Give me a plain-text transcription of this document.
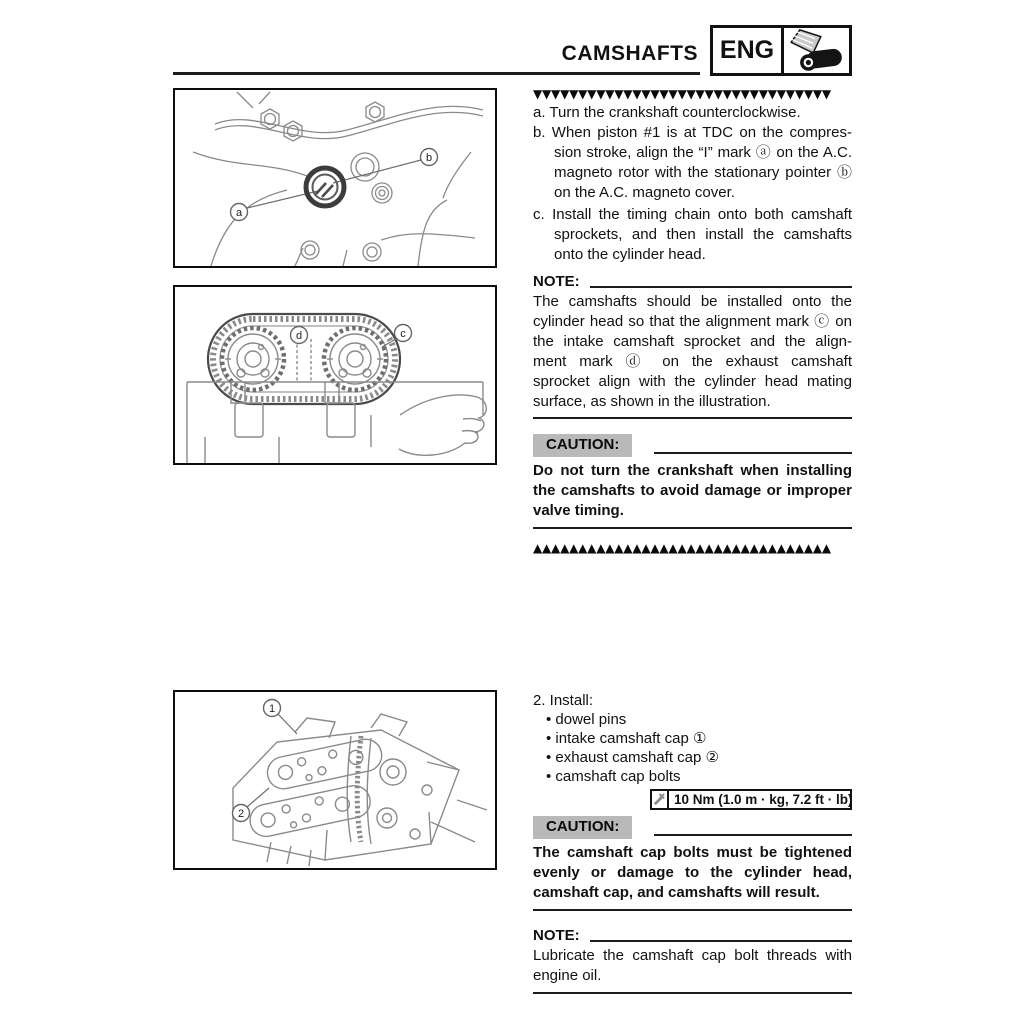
CAMSHAFTS ENG
a
b
d	c
1
2
▼▼▼▼▼▼▼▼▼▼▼▼▼▼▼▼▼▼▼▼▼▼▼▼▼▼▼▼▼▼▼▼▼
a. Turn the crankshaft counterclockwise.
b. When piston #1 is at TDC on the compres-
sion stroke, align the “I” mark ⓐ on the A.C.
magneto rotor with the stationary pointer ⓑ
on the A.C. magneto cover.
c. Install the timing chain onto both camshaft
sprockets, and then install the camshafts
onto the cylinder head.
NOTE:
The camshafts should be installed onto the
cylinder head so that the alignment mark ⓒ on
the intake camshaft sprocket and the align-
ment mark ⓓ on the exhaust camshaft
sprocket align with the cylinder head mating
surface, as shown in the illustration.
CAUTION:
Do not turn the crankshaft when installing
the camshafts to avoid damage or improper
valve timing.
▲▲▲▲▲▲▲▲▲▲▲▲▲▲▲▲▲▲▲▲▲▲▲▲▲▲▲▲▲▲▲▲▲
2. Install:
• dowel pins
• intake camshaft cap ①
• exhaust camshaft cap ②
• camshaft cap bolts
10 Nm (1.0 m · kg, 7.2 ft · lb)
CAUTION:
The camshaft cap bolts must be tightened
evenly or damage to the cylinder head,
camshaft cap, and camshafts will result.
NOTE:
Lubricate the camshaft cap bolt threads with
engine oil.
